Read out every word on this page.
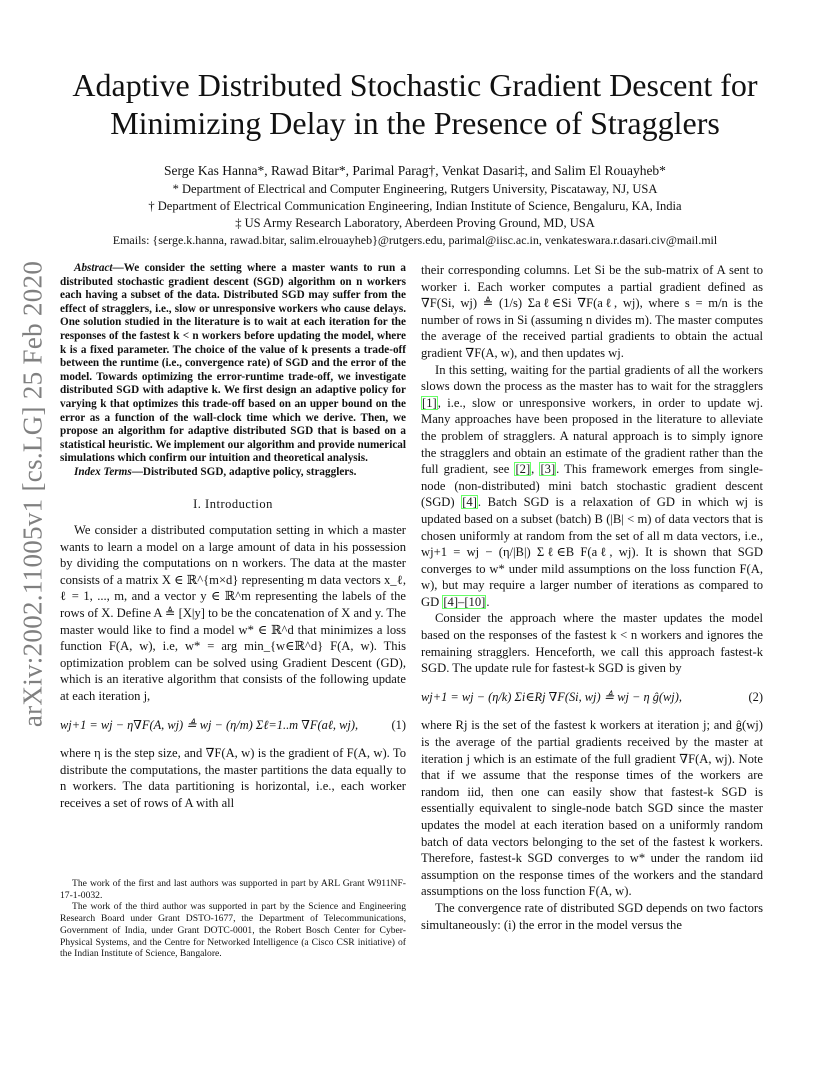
arXiv:2002.11005v1 [cs.LG] 25 Feb 2020
Adaptive Distributed Stochastic Gradient Descent for Minimizing Delay in the Presence of Stragglers
Serge Kas Hanna*, Rawad Bitar*, Parimal Parag†, Venkat Dasari‡, and Salim El Rouayheb*
* Department of Electrical and Computer Engineering, Rutgers University, Piscataway, NJ, USA
† Department of Electrical Communication Engineering, Indian Institute of Science, Bengaluru, KA, India
‡ US Army Research Laboratory, Aberdeen Proving Ground, MD, USA
Emails: {serge.k.hanna, rawad.bitar, salim.elrouayheb}@rutgers.edu, parimal@iisc.ac.in, venkateswara.r.dasari.civ@mail.mil

Abstract—We consider the setting where a master wants to run a distributed stochastic gradient descent (SGD) algorithm on n workers each having a subset of the data. Distributed SGD may suffer from the effect of stragglers, i.e., slow or unresponsive workers who cause delays. One solution studied in the literature is to wait at each iteration for the responses of the fastest k < n workers before updating the model, where k is a fixed parameter. The choice of the value of k presents a trade-off between the runtime (i.e., convergence rate) of SGD and the error of the model. Towards optimizing the error-runtime trade-off, we investigate distributed SGD with adaptive k. We first design an adaptive policy for varying k that optimizes this trade-off based on an upper bound on the error as a function of the wall-clock time which we derive. Then, we propose an algorithm for adaptive distributed SGD that is based on a statistical heuristic. We implement our algorithm and provide numerical simulations which confirm our intuition and theoretical analysis.

Index Terms—Distributed SGD, adaptive policy, stragglers.

I. Introduction

We consider a distributed computation setting in which a master wants to learn a model on a large amount of data in his possession by dividing the computations on n workers. The data at the master consists of a matrix X ∈ ℝ^{m×d} representing m data vectors x_ℓ, ℓ = 1, ..., m, and a vector y ∈ ℝ^m representing the labels of the rows of X. Define A ≜ [X|y] to be the concatenation of X and y. The master would like to find a model w* ∈ ℝ^d that minimizes a loss function F(A, w), i.e, w* = arg min_{w∈ℝ^d} F(A, w). This optimization problem can be solved using Gradient Descent (GD), which is an iterative algorithm that consists of the following update at each iteration j,

wj+1 = wj − η∇F(A, wj) ≜ wj − (η/m) Σℓ=1..m ∇F(aℓ, wj),	(1)

where η is the step size, and ∇F(A, w) is the gradient of F(A, w). To distribute the computations, the master partitions the data equally to n workers. The data partitioning is horizontal, i.e., each worker receives a set of rows of A with all

The work of the first and last authors was supported in part by ARL Grant W911NF-17-1-0032.

The work of the third author was supported in part by the Science and Engineering Research Board under Grant DSTO-1677, the Department of Telecommunications, Government of India, under Grant DOTC-0001, the Robert Bosch Center for Cyber-Physical Systems, and the Centre for Networked Intelligence (a Cisco CSR initiative) of the Indian Institute of Science, Bangalore.

their corresponding columns. Let Si be the sub-matrix of A sent to worker i. Each worker computes a partial gradient defined as ∇F(Si, wj) ≜ (1/s) Σaℓ∈Si ∇F(aℓ, wj), where s = m/n is the number of rows in Si (assuming n divides m). The master computes the average of the received partial gradients to obtain the actual gradient ∇F(A, w), and then updates wj.

In this setting, waiting for the partial gradients of all the workers slows down the process as the master has to wait for the stragglers [1], i.e., slow or unresponsive workers, in order to update wj. Many approaches have been proposed in the literature to alleviate the problem of stragglers. A natural approach is to simply ignore the stragglers and obtain an estimate of the gradient rather than the full gradient, see [2], [3]. This framework emerges from single-node (non-distributed) mini batch stochastic gradient descent (SGD) [4]. Batch SGD is a relaxation of GD in which wj is updated based on a subset (batch) B (|B| < m) of data vectors that is chosen uniformly at random from the set of all m data vectors, i.e., wj+1 = wj − (η/|B|) Σℓ∈B F(aℓ, wj). It is shown that SGD converges to w* under mild assumptions on the loss function F(A, w), but may require a larger number of iterations as compared to GD [4]–[10].

Consider the approach where the master updates the model based on the responses of the fastest k < n workers and ignores the remaining stragglers. Henceforth, we call this approach fastest-k SGD. The update rule for fastest-k SGD is given by

wj+1 = wj − (η/k) Σi∈Rj ∇F(Si, wj) ≜ wj − η ĝ(wj),	(2)

where Rj is the set of the fastest k workers at iteration j; and ĝ(wj) is the average of the partial gradients received by the master at iteration j which is an estimate of the full gradient ∇F(A, wj). Note that if we assume that the response times of the workers are random iid, then one can easily show that fastest-k SGD is essentially equivalent to single-node batch SGD since the master updates the model at each iteration based on a uniformly random batch of data vectors belonging to the set of the fastest k workers. Therefore, fastest-k SGD converges to w* under the random iid assumption on the response times of the workers and the standard assumptions on the loss function F(A, w).

The convergence rate of distributed SGD depends on two factors simultaneously: (i) the error in the model versus the
